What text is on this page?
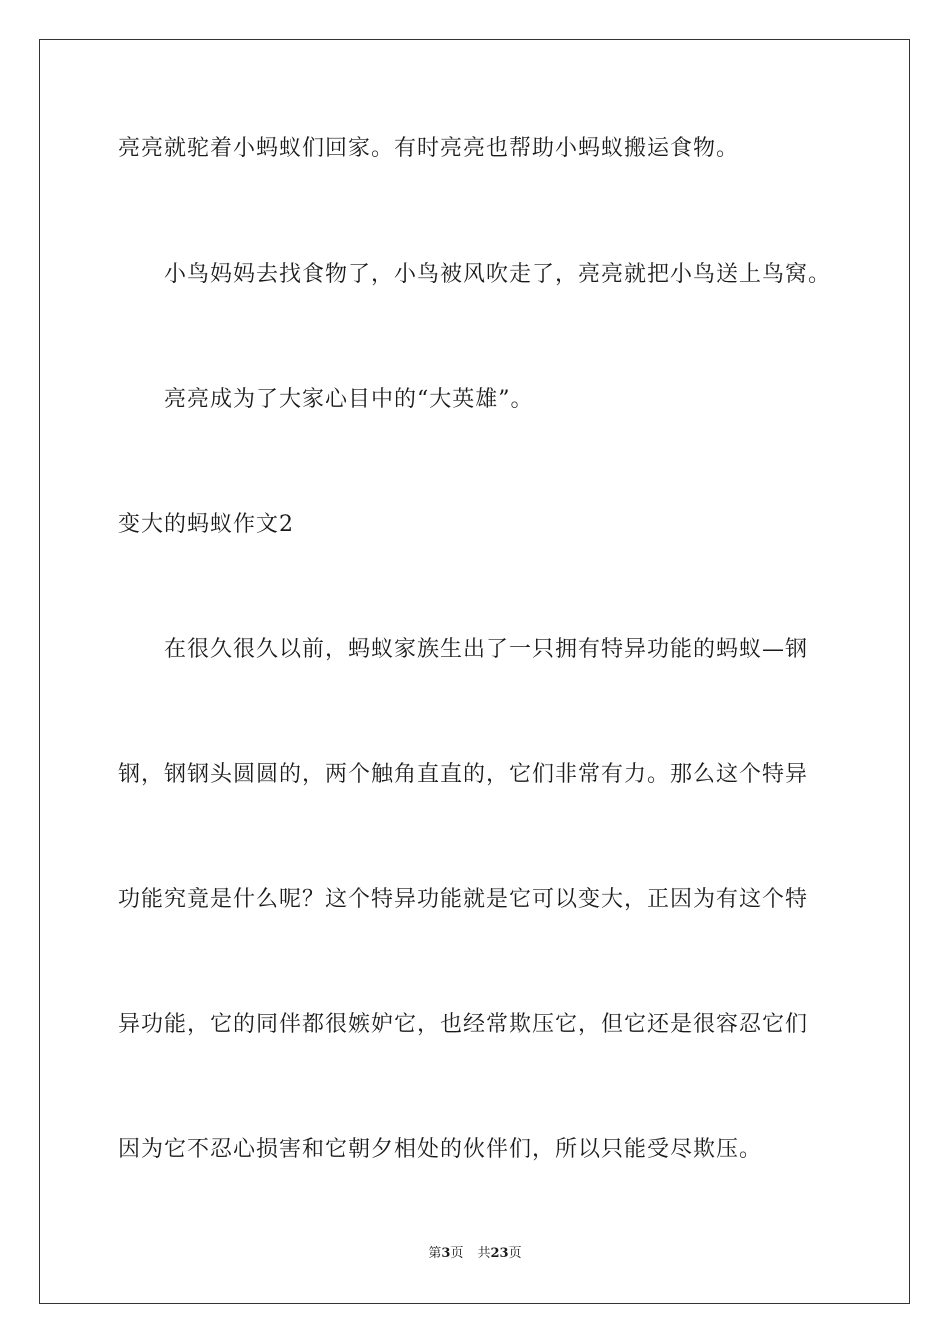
亮亮就驼着小蚂蚁们回家。有时亮亮也帮助小蚂蚁搬运食物。
小鸟妈妈去找食物了，小鸟被风吹走了，亮亮就把小鸟送上鸟窝。
亮亮成为了大家心目中的“大英雄”。
变大的蚂蚁作文2
在很久很久以前，蚂蚁家族生出了一只拥有特异功能的蚂蚁—钢
钢，钢钢头圆圆的，两个触角直直的，它们非常有力。那么这个特异
功能究竟是什么呢？这个特异功能就是它可以变大，正因为有这个特
异功能，它的同伴都很嫉妒它，也经常欺压它，但它还是很容忍它们
因为它不忍心损害和它朝夕相处的伙伴们，所以只能受尽欺压。
第3页 共23页
